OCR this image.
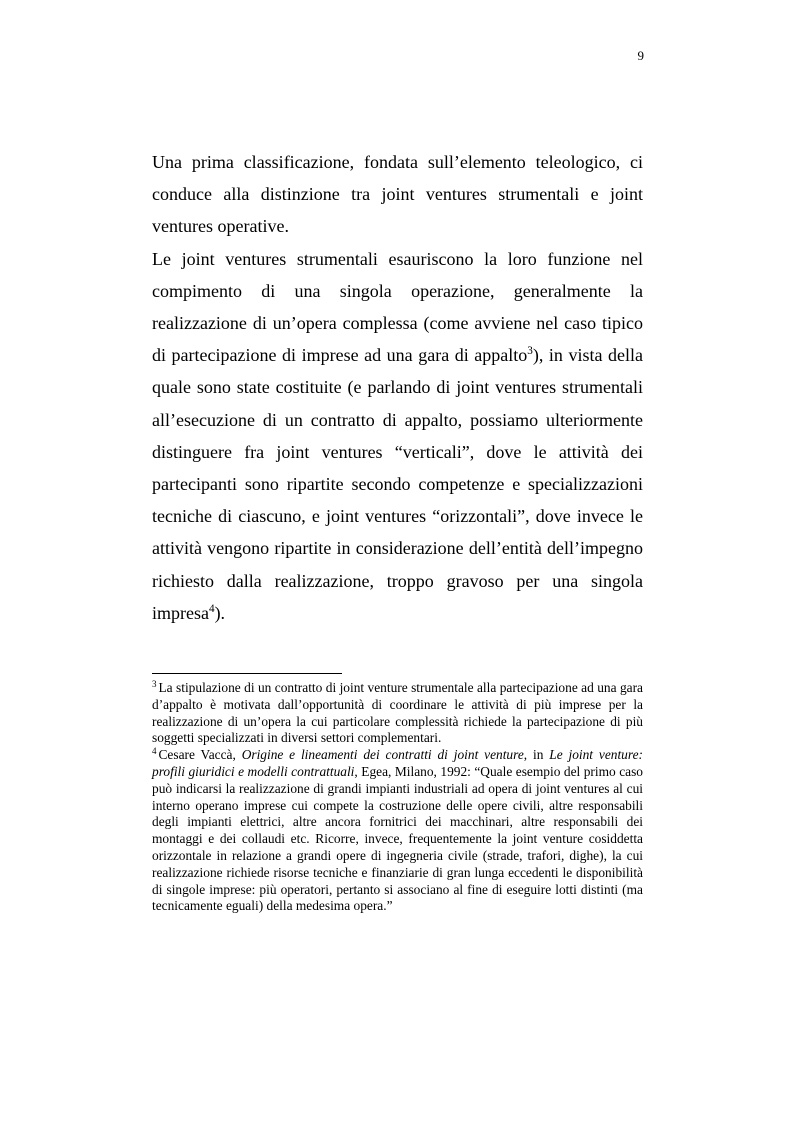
9

Una prima classificazione, fondata sull’elemento teleologico, ci conduce alla distinzione tra joint ventures strumentali e joint ventures operative.

Le joint ventures strumentali esauriscono la loro funzione nel compimento di una singola operazione, generalmente la realizzazione di un’opera complessa (come avviene nel caso tipico di partecipazione di imprese ad una gara di appalto$^3$), in vista della quale sono state costituite (e parlando di joint ventures strumentali all’esecuzione di un contratto di appalto, possiamo ulteriormente distinguere fra joint ventures “verticali”, dove le attività dei partecipanti sono ripartite secondo competenze e specializzazioni tecniche di ciascuno, e joint ventures “orizzontali”, dove invece le attività vengono ripartite in considerazione dell’entità dell’impegno richiesto dalla realizzazione, troppo gravoso per una singola impresa$^4$).

$^3$ La stipulazione di un contratto di joint venture strumentale alla partecipazione ad una gara d’appalto è motivata dall’opportunità di coordinare le attività di più imprese per la realizzazione di un’opera la cui particolare complessità richiede la partecipazione di più soggetti specializzati in diversi settori complementari.

$^4$ Cesare Vaccà, Origine e lineamenti dei contratti di joint venture, in Le joint venture: profili giuridici e modelli contrattuali, Egea, Milano, 1992: “Quale esempio del primo caso può indicarsi la realizzazione di grandi impianti industriali ad opera di joint ventures al cui interno operano imprese cui compete la costruzione delle opere civili, altre responsabili degli impianti elettrici, altre ancora fornitrici dei macchinari, altre responsabili dei montaggi e dei collaudi etc. Ricorre, invece, frequentemente la joint venture cosiddetta orizzontale in relazione a grandi opere di ingegneria civile (strade, trafori, dighe), la cui realizzazione richiede risorse tecniche e finanziarie di gran lunga eccedenti le disponibilità di singole imprese: più operatori, pertanto si associano al fine di eseguire lotti distinti (ma tecnicamente eguali) della medesima opera.”
